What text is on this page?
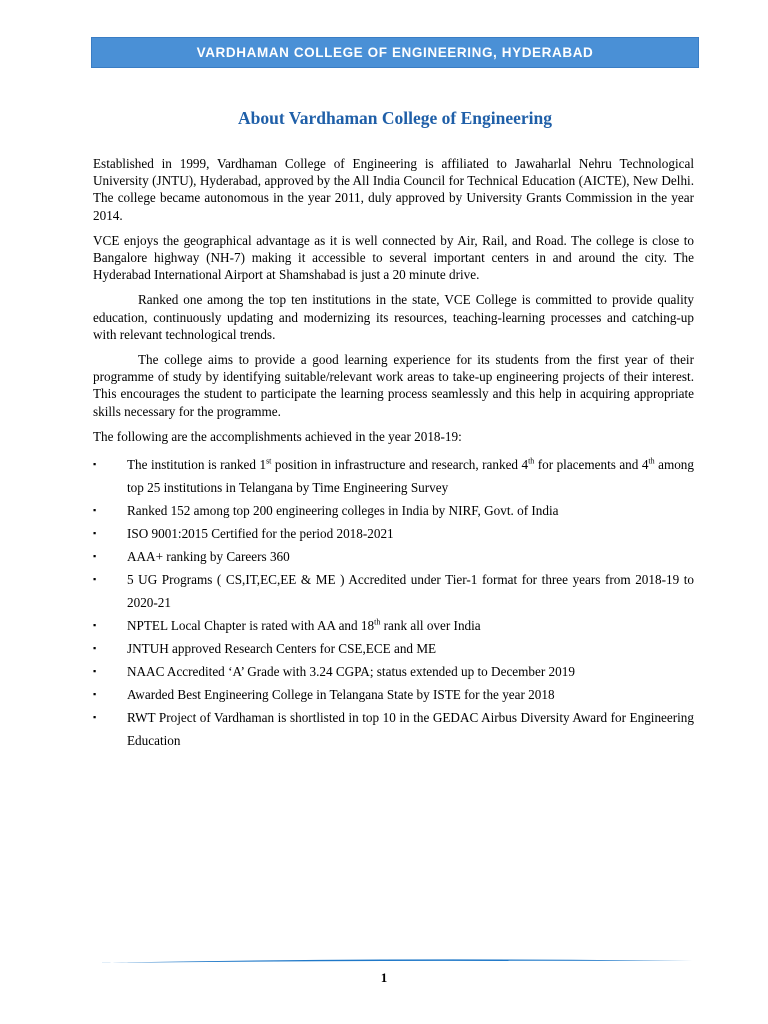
VARDHAMAN COLLEGE OF ENGINEERING, HYDERABAD
About Vardhaman College of Engineering

Established in 1999, Vardhaman College of Engineering is affiliated to Jawaharlal Nehru Technological University (JNTU), Hyderabad, approved by the All India Council for Technical Education (AICTE), New Delhi. The college became autonomous in the year 2011, duly approved by University Grants Commission in the year 2014.

VCE enjoys the geographical advantage as it is well connected by Air, Rail, and Road. The college is close to Bangalore highway (NH-7) making it accessible to several important centers in and around the city. The Hyderabad International Airport at Shamshabad is just a 20 minute drive.

Ranked one among the top ten institutions in the state, VCE College is committed to provide quality education, continuously updating and modernizing its resources, teaching-learning processes and catching-up with relevant technological trends.

The college aims to provide a good learning experience for its students from the first year of their programme of study by identifying suitable/relevant work areas to take-up engineering projects of their interest. This encourages the student to participate the learning process seamlessly and this help in acquiring appropriate skills necessary for the programme.

The following are the accomplishments achieved in the year 2018-19:

▪ The institution is ranked 1st position in infrastructure and research, ranked 4th for placements and 4th among top 25 institutions in Telangana by Time Engineering Survey
▪ Ranked 152 among top 200 engineering colleges in India by NIRF, Govt. of India
▪ ISO 9001:2015 Certified for the period 2018-2021
▪ AAA+ ranking by Careers 360
▪ 5 UG Programs ( CS,IT,EC,EE & ME ) Accredited under Tier-1 format for three years from 2018-19 to 2020-21
▪ NPTEL Local Chapter is rated with AA and 18th rank all over India
▪ JNTUH approved Research Centers for CSE,ECE and ME
▪ NAAC Accredited ‘A’ Grade with 3.24 CGPA; status extended up to December 2019
▪ Awarded Best Engineering College in Telangana State by ISTE for the year 2018
▪ RWT Project of Vardhaman is shortlisted in top 10 in the GEDAC Airbus Diversity Award for Engineering Education
1
